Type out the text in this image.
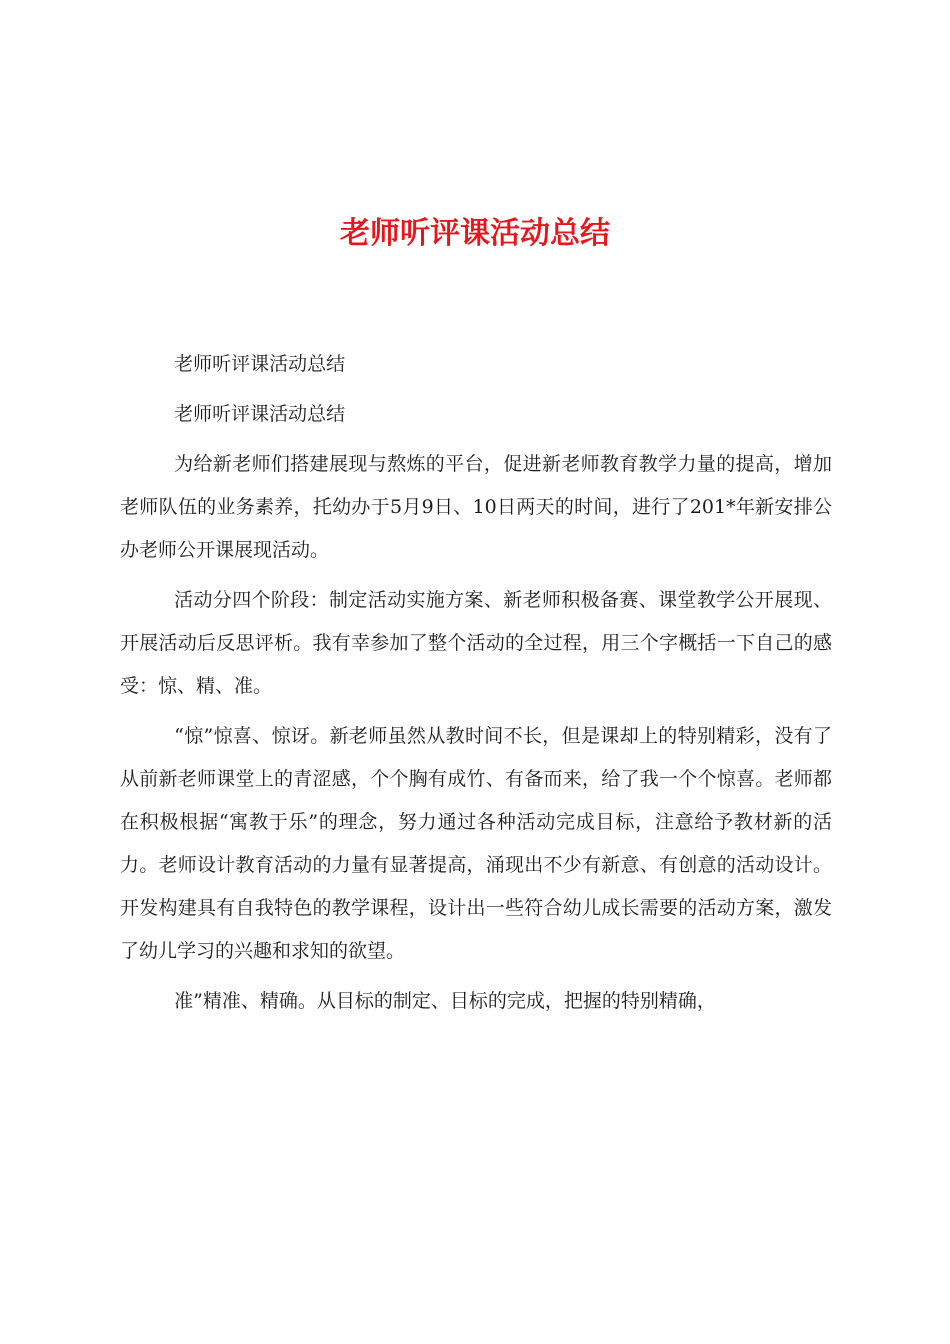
老师听评课活动总结

老师听评课活动总结

老师听评课活动总结

为给新老师们搭建展现与熬炼的平台，促进新老师教育教学力量的提高，增加老师队伍的业务素养，托幼办于5月9日、10日两天的时间，进行了201*年新安排公办老师公开课展现活动。

活动分四个阶段：制定活动实施方案、新老师积极备赛、课堂教学公开展现、开展活动后反思评析。我有幸参加了整个活动的全过程，用三个字概括一下自己的感受：惊、精、准。

“惊”惊喜、惊讶。新老师虽然从教时间不长，但是课却上的特别精彩，没有了从前新老师课堂上的青涩感，个个胸有成竹、有备而来，给了我一个个惊喜。老师都在积极根据“寓教于乐”的理念，努力通过各种活动完成目标，注意给予教材新的活力。老师设计教育活动的力量有显著提高，涌现出不少有新意、有创意的活动设计。开发构建具有自我特色的教学课程，设计出一些符合幼儿成长需要的活动方案，激发了幼儿学习的兴趣和求知的欲望。

准”精准、精确。从目标的制定、目标的完成，把握的特别精确，
